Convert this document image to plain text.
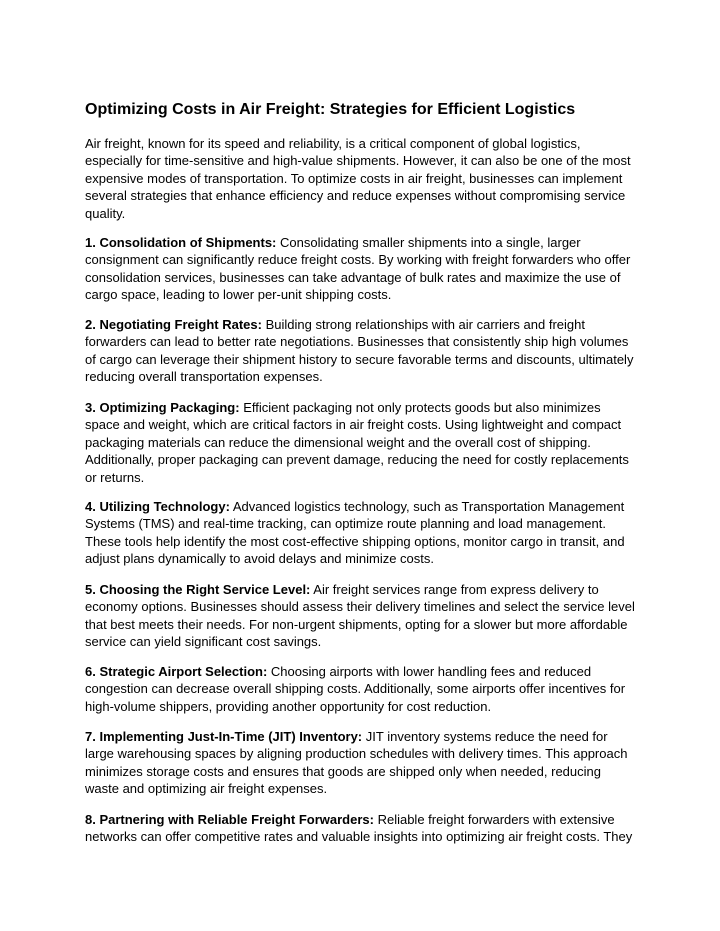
Optimizing Costs in Air Freight: Strategies for Efficient Logistics

Air freight, known for its speed and reliability, is a critical component of global logistics, especially for time-sensitive and high-value shipments. However, it can also be one of the most expensive modes of transportation. To optimize costs in air freight, businesses can implement several strategies that enhance efficiency and reduce expenses without compromising service quality.

1. Consolidation of Shipments: Consolidating smaller shipments into a single, larger consignment can significantly reduce freight costs. By working with freight forwarders who offer consolidation services, businesses can take advantage of bulk rates and maximize the use of cargo space, leading to lower per-unit shipping costs.

2. Negotiating Freight Rates: Building strong relationships with air carriers and freight forwarders can lead to better rate negotiations. Businesses that consistently ship high volumes of cargo can leverage their shipment history to secure favorable terms and discounts, ultimately reducing overall transportation expenses.

3. Optimizing Packaging: Efficient packaging not only protects goods but also minimizes space and weight, which are critical factors in air freight costs. Using lightweight and compact packaging materials can reduce the dimensional weight and the overall cost of shipping. Additionally, proper packaging can prevent damage, reducing the need for costly replacements or returns.

4. Utilizing Technology: Advanced logistics technology, such as Transportation Management Systems (TMS) and real-time tracking, can optimize route planning and load management. These tools help identify the most cost-effective shipping options, monitor cargo in transit, and adjust plans dynamically to avoid delays and minimize costs.

5. Choosing the Right Service Level: Air freight services range from express delivery to economy options. Businesses should assess their delivery timelines and select the service level that best meets their needs. For non-urgent shipments, opting for a slower but more affordable service can yield significant cost savings.

6. Strategic Airport Selection: Choosing airports with lower handling fees and reduced congestion can decrease overall shipping costs. Additionally, some airports offer incentives for high-volume shippers, providing another opportunity for cost reduction.

7. Implementing Just-In-Time (JIT) Inventory: JIT inventory systems reduce the need for large warehousing spaces by aligning production schedules with delivery times. This approach minimizes storage costs and ensures that goods are shipped only when needed, reducing waste and optimizing air freight expenses.

8. Partnering with Reliable Freight Forwarders: Reliable freight forwarders with extensive networks can offer competitive rates and valuable insights into optimizing air freight costs. They
